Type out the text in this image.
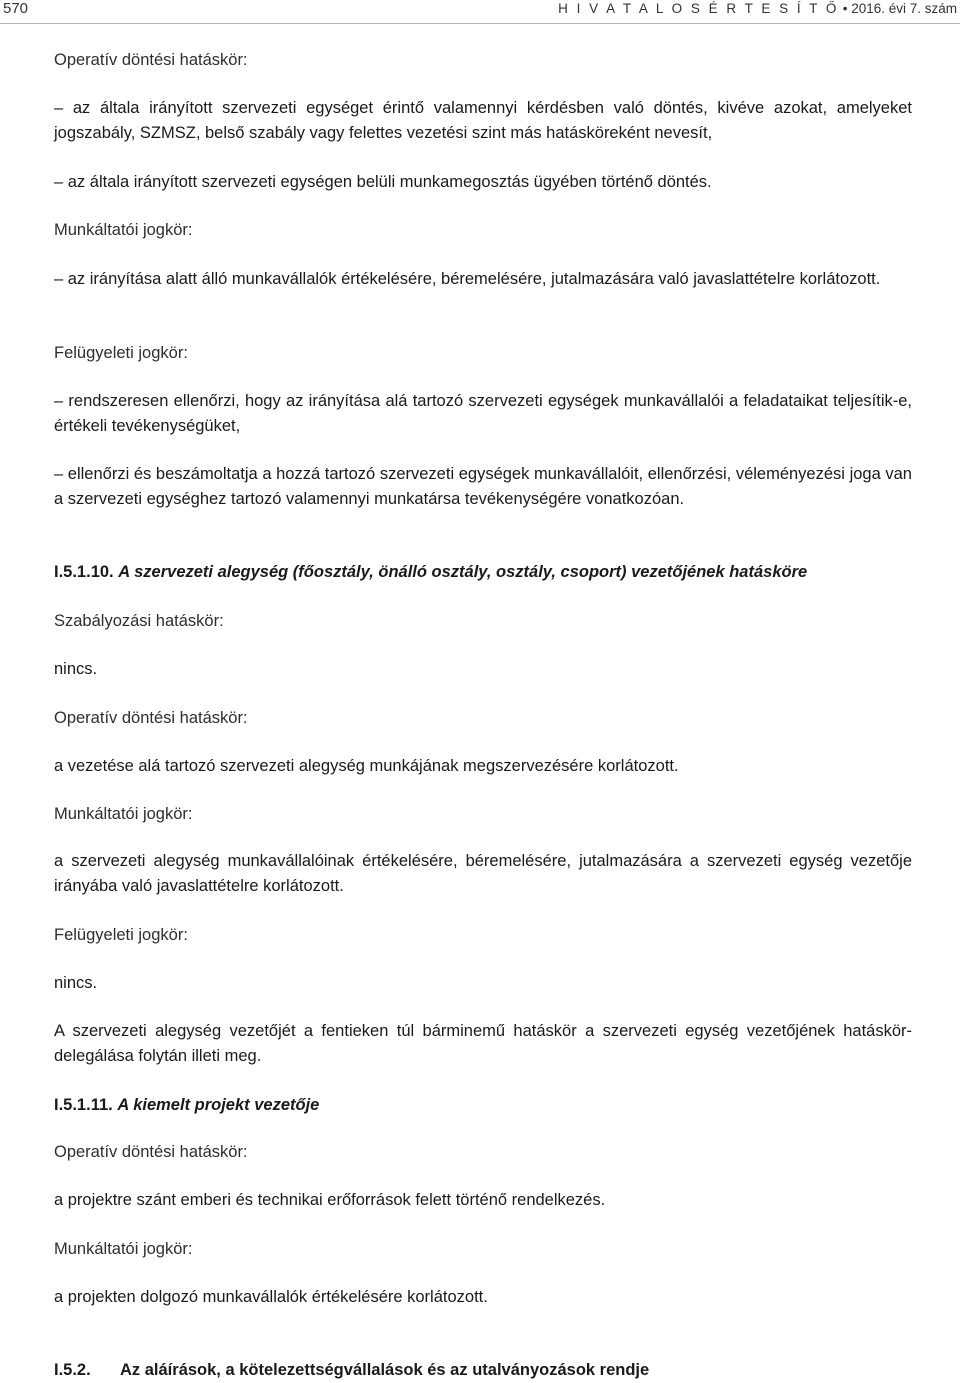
570	H I V A T A L O S É R T E S Í T Ő • 2016. évi 7. szám

Operatív döntési hatáskör:

– az általa irányított szervezeti egységet érintő valamennyi kérdésben való döntés, kivéve azokat, amelyeket jogszabály, SZMSZ, belső szabály vagy felettes vezetési szint más hatásköreként nevesít,

– az általa irányított szervezeti egységen belüli munkamegosztás ügyében történő döntés.

Munkáltatói jogkör:

– az irányítása alatt álló munkavállalók értékelésére, béremelésére, jutalmazására való javaslattételre korlátozott.

Felügyeleti jogkör:

– rendszeresen ellenőrzi, hogy az irányítása alá tartozó szervezeti egységek munkavállalói a feladataikat teljesítik-e, értékeli tevékenységüket,

– ellenőrzi és beszámoltatja a hozzá tartozó szervezeti egységek munkavállalóit, ellenőrzési, véleményezési joga van a szervezeti egységhez tartozó valamennyi munkatársa tevékenységére vonatkozóan.

I.5.1.10. A szervezeti alegység (főosztály, önálló osztály, osztály, csoport) vezetőjének hatásköre

Szabályozási hatáskör:

nincs.

Operatív döntési hatáskör:

a vezetése alá tartozó szervezeti alegység munkájának megszervezésére korlátozott.

Munkáltatói jogkör:

a szervezeti alegység munkavállalóinak értékelésére, béremelésére, jutalmazására a szervezeti egység vezetője irányába való javaslattételre korlátozott.

Felügyeleti jogkör:

nincs.

A szervezeti alegység vezetőjét a fentieken túl bárminemű hatáskör a szervezeti egység vezetőjének hatáskör-delegálása folytán illeti meg.

I.5.1.11. A kiemelt projekt vezetője

Operatív döntési hatáskör:

a projektre szánt emberi és technikai erőforrások felett történő rendelkezés.

Munkáltatói jogkör:

a projekten dolgozó munkavállalók értékelésére korlátozott.

I.5.2. Az aláírások, a kötelezettségvállalások és az utalványozások rendje
